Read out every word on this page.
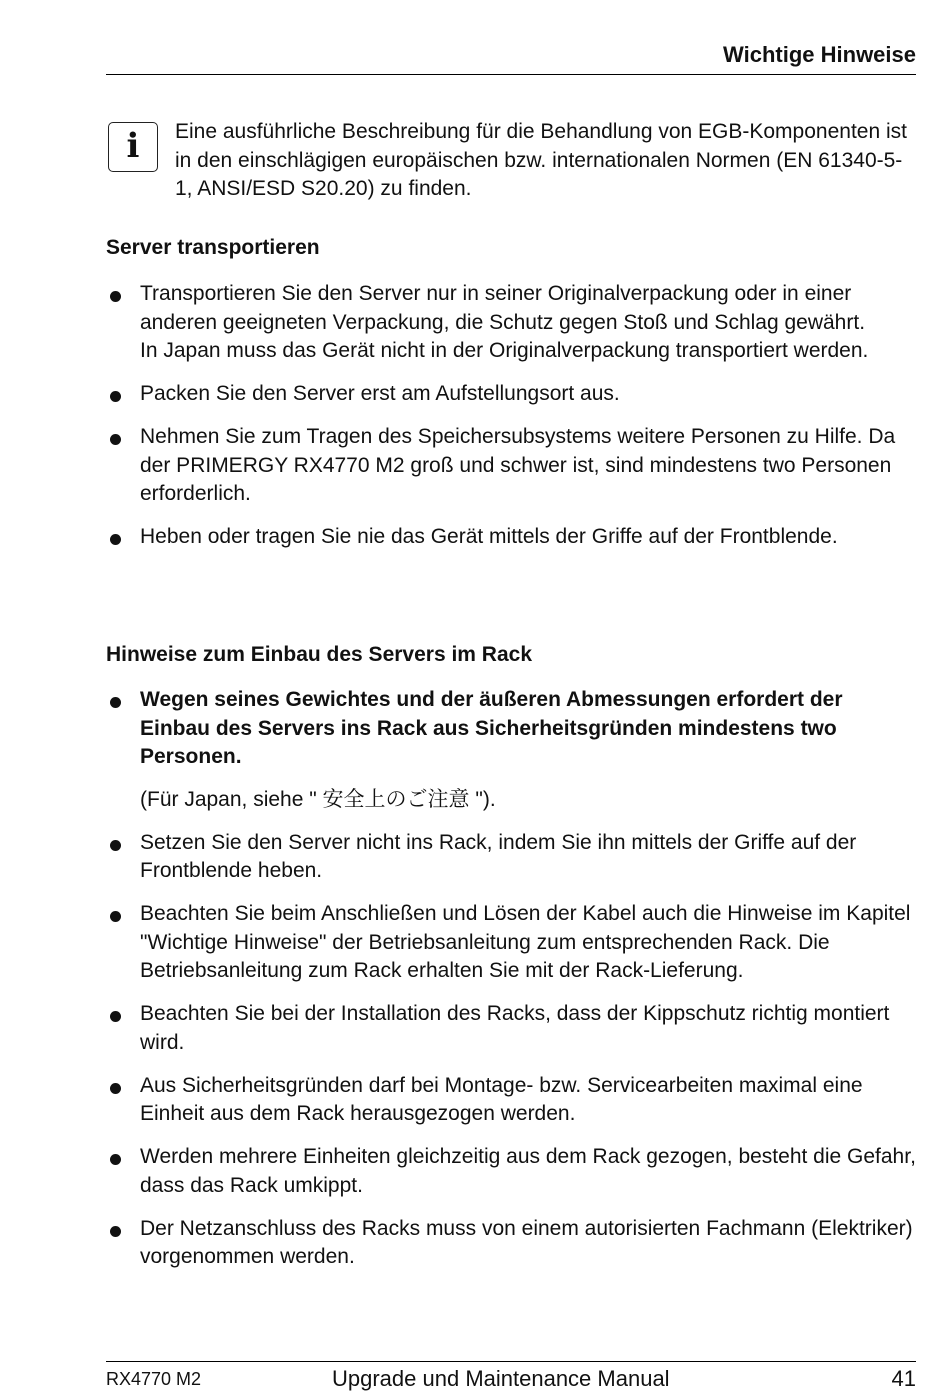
Wichtige Hinweise
i	Eine ausführliche Beschreibung für die Behandlung von EGB-Komponenten ist in den einschlägigen europäischen bzw. internationalen Normen (EN 61340-5-1, ANSI/ESD S20.20) zu finden.
Server transportieren
Transportieren Sie den Server nur in seiner Originalverpackung oder in einer anderen geeigneten Verpackung, die Schutz gegen Stoß und Schlag gewährt.
In Japan muss das Gerät nicht in der Originalverpackung transportiert werden.
Packen Sie den Server erst am Aufstellungsort aus.
Nehmen Sie zum Tragen des Speichersubsystems weitere Personen zu Hilfe. Da der PRIMERGY RX4770 M2 groß und schwer ist, sind mindestens two Personen erforderlich.
Heben oder tragen Sie nie das Gerät mittels der Griffe auf der Frontblende.
Hinweise zum Einbau des Servers im Rack
Wegen seines Gewichtes und der äußeren Abmessungen erfordert der Einbau des Servers ins Rack aus Sicherheitsgründen mindestens two Personen.
(Für Japan, siehe " 安全上のご注意 ").
Setzen Sie den Server nicht ins Rack, indem Sie ihn mittels der Griffe auf der Frontblende heben.
Beachten Sie beim Anschließen und Lösen der Kabel auch die Hinweise im Kapitel "Wichtige Hinweise" der Betriebsanleitung zum entsprechenden Rack. Die Betriebsanleitung zum Rack erhalten Sie mit der Rack-Lieferung.
Beachten Sie bei der Installation des Racks, dass der Kippschutz richtig montiert wird.
Aus Sicherheitsgründen darf bei Montage- bzw. Servicearbeiten maximal eine Einheit aus dem Rack herausgezogen werden.
Werden mehrere Einheiten gleichzeitig aus dem Rack gezogen, besteht die Gefahr, dass das Rack umkippt.
Der Netzanschluss des Racks muss von einem autorisierten Fachmann (Elektriker) vorgenommen werden.
RX4770 M2	Upgrade und Maintenance Manual	41
